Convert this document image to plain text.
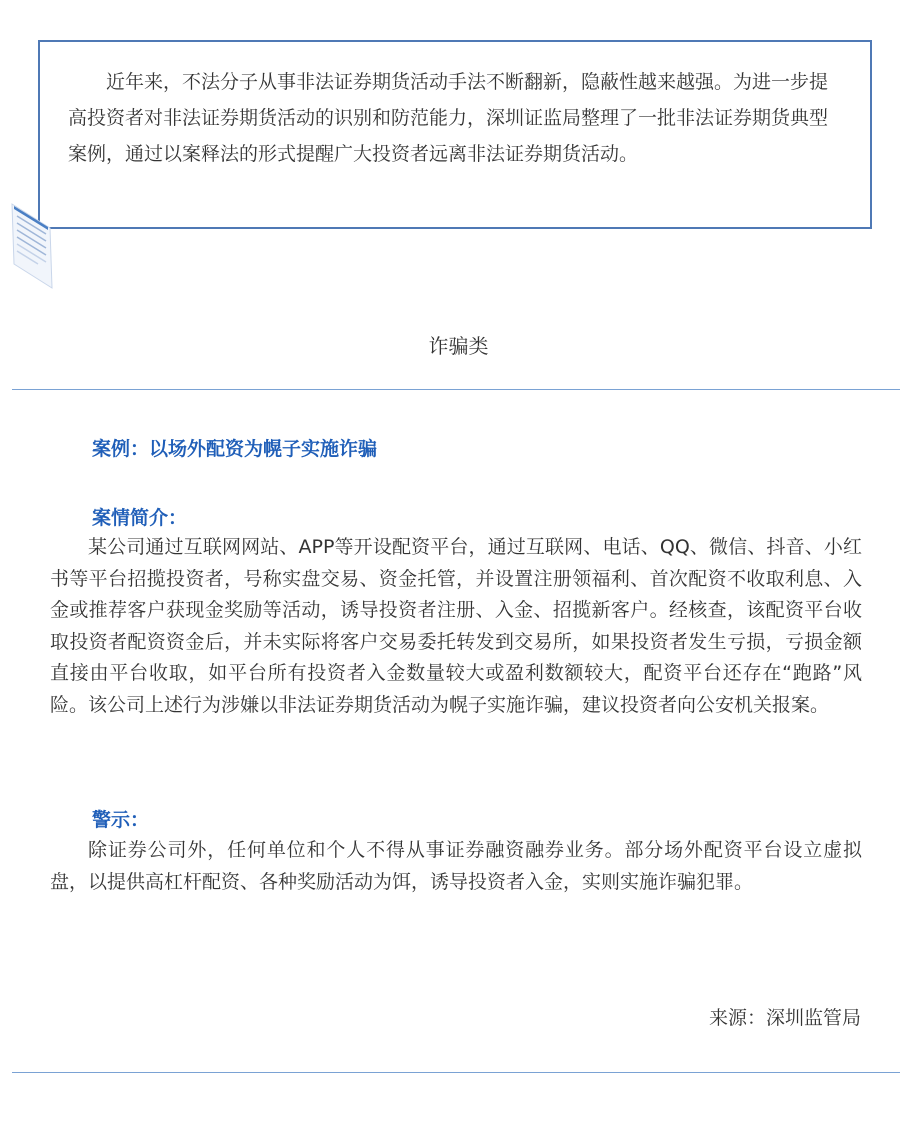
近年来，不法分子从事非法证券期货活动手法不断翻新，隐蔽性越来越强。为进一步提高投资者对非法证券期货活动的识别和防范能力，深圳证监局整理了一批非法证券期货典型案例，通过以案释法的形式提醒广大投资者远离非法证券期货活动。

诈骗类
案例：以场外配资为幌子实施诈骗
案情简介：

某公司通过互联网网站、APP等开设配资平台，通过互联网、电话、QQ、微信、抖音、小红书等平台招揽投资者，号称实盘交易、资金托管，并设置注册领福利、首次配资不收取利息、入金或推荐客户获现金奖励等活动，诱导投资者注册、入金、招揽新客户。经核查，该配资平台收取投资者配资资金后，并未实际将客户交易委托转发到交易所，如果投资者发生亏损，亏损金额直接由平台收取，如平台所有投资者入金数量较大或盈利数额较大，配资平台还存在“跑路”风险。该公司上述行为涉嫌以非法证券期货活动为幌子实施诈骗，建议投资者向公安机关报案。

警示：

除证券公司外，任何单位和个人不得从事证券融资融券业务。部分场外配资平台设立虚拟盘，以提供高杠杆配资、各种奖励活动为饵，诱导投资者入金，实则实施诈骗犯罪。

来源：深圳监管局
